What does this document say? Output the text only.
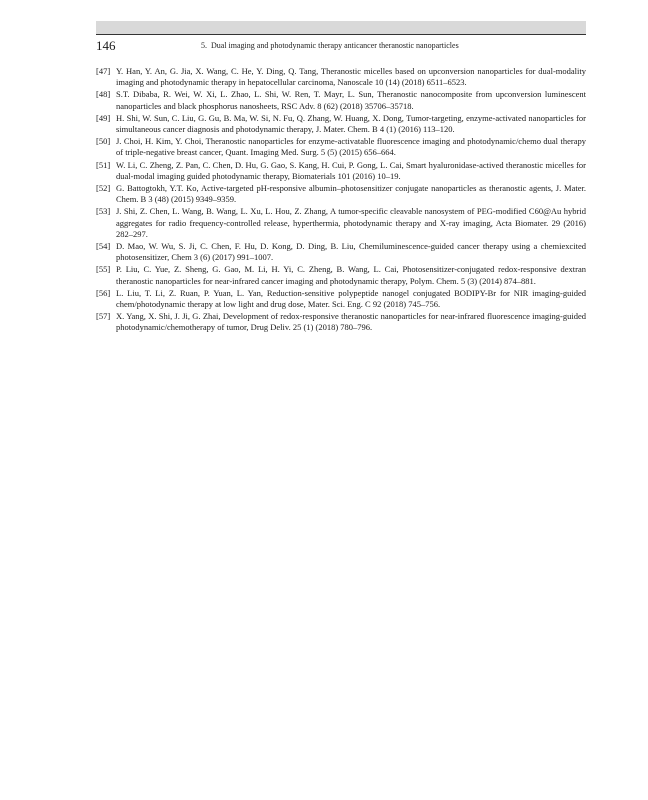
146	5.  Dual imaging and photodynamic therapy anticancer theranostic nanoparticles
[47] Y. Han, Y. An, G. Jia, X. Wang, C. He, Y. Ding, Q. Tang, Theranostic micelles based on upconversion nanoparticles for dual-modality imaging and photodynamic therapy in hepatocellular carcinoma, Nanoscale 10 (14) (2018) 6511–6523.
[48] S.T. Dibaba, R. Wei, W. Xi, L. Zhao, L. Shi, W. Ren, T. Mayr, L. Sun, Theranostic nanocomposite from upconversion luminescent nanoparticles and black phosphorus nanosheets, RSC Adv. 8 (62) (2018) 35706–35718.
[49] H. Shi, W. Sun, C. Liu, G. Gu, B. Ma, W. Si, N. Fu, Q. Zhang, W. Huang, X. Dong, Tumor-targeting, enzyme-activated nanoparticles for simultaneous cancer diagnosis and photodynamic therapy, J. Mater. Chem. B 4 (1) (2016) 113–120.
[50] J. Choi, H. Kim, Y. Choi, Theranostic nanoparticles for enzyme-activatable fluorescence imaging and photodynamic/chemo dual therapy of triple-negative breast cancer, Quant. Imaging Med. Surg. 5 (5) (2015) 656–664.
[51] W. Li, C. Zheng, Z. Pan, C. Chen, D. Hu, G. Gao, S. Kang, H. Cui, P. Gong, L. Cai, Smart hyaluronidase-actived theranostic micelles for dual-modal imaging guided photodynamic therapy, Biomaterials 101 (2016) 10–19.
[52] G. Battogtokh, Y.T. Ko, Active-targeted pH-responsive albumin–photosensitizer conjugate nanoparticles as theranostic agents, J. Mater. Chem. B 3 (48) (2015) 9349–9359.
[53] J. Shi, Z. Chen, L. Wang, B. Wang, L. Xu, L. Hou, Z. Zhang, A tumor-specific cleavable nanosystem of PEG-modified C60@Au hybrid aggregates for radio frequency-controlled release, hyperthermia, photodynamic therapy and X-ray imaging, Acta Biomater. 29 (2016) 282–297.
[54] D. Mao, W. Wu, S. Ji, C. Chen, F. Hu, D. Kong, D. Ding, B. Liu, Chemiluminescence-guided cancer therapy using a chemiexcited photosensitizer, Chem 3 (6) (2017) 991–1007.
[55] P. Liu, C. Yue, Z. Sheng, G. Gao, M. Li, H. Yi, C. Zheng, B. Wang, L. Cai, Photosensitizer-conjugated redox-responsive dextran theranostic nanoparticles for near-infrared cancer imaging and photodynamic therapy, Polym. Chem. 5 (3) (2014) 874–881.
[56] L. Liu, T. Li, Z. Ruan, P. Yuan, L. Yan, Reduction-sensitive polypeptide nanogel conjugated BODIPY-Br for NIR imaging-guided chem/photodynamic therapy at low light and drug dose, Mater. Sci. Eng. C 92 (2018) 745–756.
[57] X. Yang, X. Shi, J. Ji, G. Zhai, Development of redox-responsive theranostic nanoparticles for near-infrared fluorescence imaging-guided photodynamic/chemotherapy of tumor, Drug Deliv. 25 (1) (2018) 780–796.
